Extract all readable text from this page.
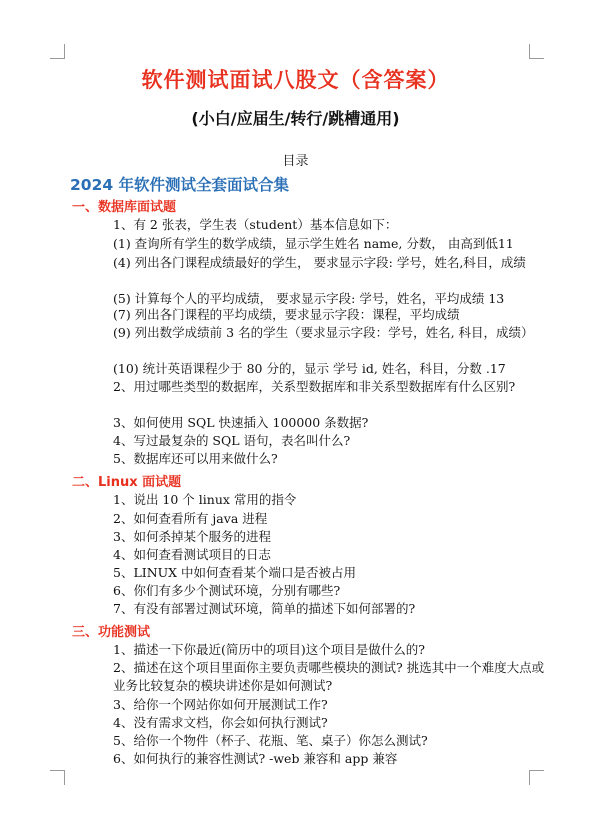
软件测试面试八股文（含答案）
(小白/应届生/转行/跳槽通用)
目录
2024 年软件测试全套面试合集
一、数据库面试题
1、有 2 张表，学生表（student）基本信息如下：
(1) 查询所有学生的数学成绩，显示学生姓名 name, 分数， 由高到低11
(4) 列出各门课程成绩最好的学生， 要求显示字段: 学号，姓名,科目，成绩
(5) 计算每个人的平均成绩， 要求显示字段: 学号，姓名，平均成绩 13
(7) 列出各门课程的平均成绩，要求显示字段：课程，平均成绩
(9) 列出数学成绩前 3 名的学生（要求显示字段：学号，姓名, 科目，成绩）
(10) 统计英语课程少于 80 分的，显示 学号 id, 姓名，科目，分数 .17
2、用过哪些类型的数据库，关系型数据库和非关系型数据库有什么区别?
3、如何使用 SQL 快速插入 100000 条数据?
4、写过最复杂的 SQL 语句，表名叫什么?
5、数据库还可以用来做什么?
二、Linux 面试题
1、说出 10 个 linux 常用的指令
2、如何查看所有 java 进程
3、如何杀掉某个服务的进程
4、如何查看测试项目的日志
5、LINUX 中如何查看某个端口是否被占用
6、你们有多少个测试环境，分别有哪些?
7、有没有部署过测试环境，简单的描述下如何部署的?
三、功能测试
1、描述一下你最近(简历中的项目)这个项目是做什么的?
2、描述在这个项目里面你主要负责哪些模块的测试? 挑选其中一个难度大点或业务比较复杂的模块讲述你是如何测试?
3、给你一个网站你如何开展测试工作?
4、没有需求文档，你会如何执行测试?
5、给你一个物件（杯子、花瓶、笔、桌子）你怎么测试?
6、如何执行的兼容性测试? -web 兼容和 app 兼容
